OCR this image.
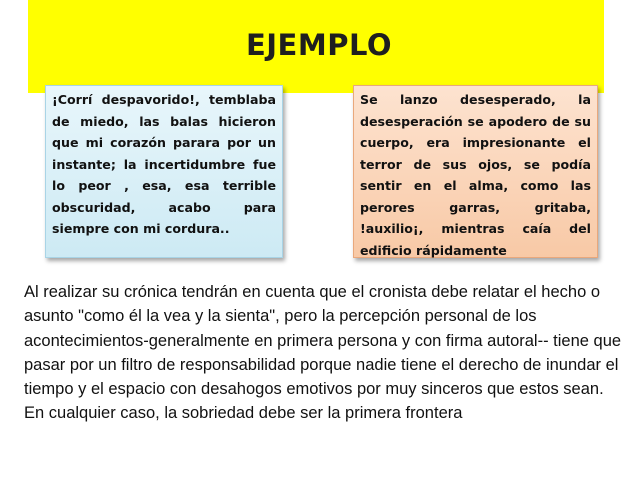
EJEMPLO
¡Corrí despavorido!, temblaba de miedo, las balas hicieron que mi corazón parara por un instante; la incertidumbre fue lo peor , esa, esa terrible obscuridad, acabo para siempre con mi cordura..
Se lanzo desesperado, la desesperación se apodero de su cuerpo, era impresionante el terror de sus ojos, se podía sentir en el alma, como las perores garras, gritaba, !auxilio¡, mientras caía del edificio rápidamente
Al realizar su crónica tendrán en cuenta que el cronista debe relatar el hecho o asunto "como él la vea y la sienta", pero la percepción personal de los acontecimientos-generalmente en primera persona y con firma autoral-- tiene que pasar por un filtro de responsabilidad porque nadie tiene el derecho de inundar el tiempo y el espacio con desahogos emotivos por muy sinceros que estos sean. En cualquier caso, la sobriedad debe ser la primera frontera
